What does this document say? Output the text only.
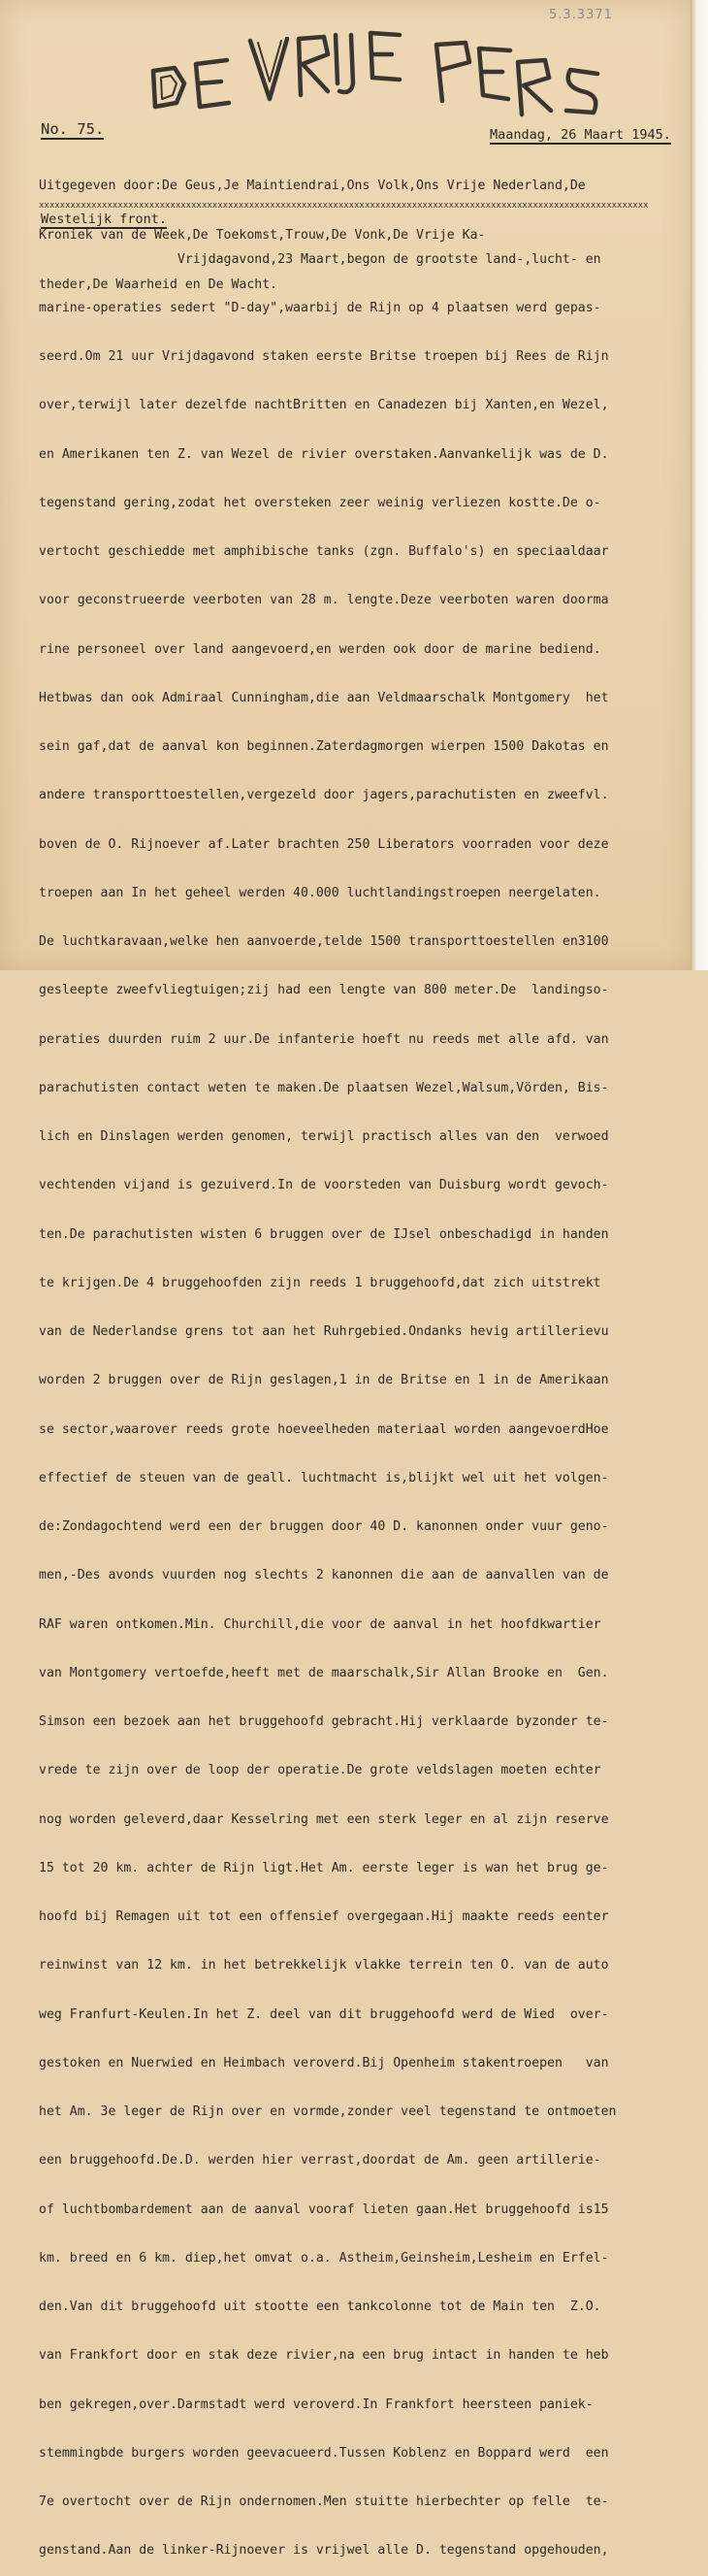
5.3.3371
No. 75.	Maandag, 26 Maart 1945.

Uitgegeven door:De Geus,Je Maintiendrai,Ons Volk,Ons Vrije Nederland,De

Kroniek van de Week,De Toekomst,Trouw,De Vonk,De Vrije Ka-

theder,De Waarheid en De Wacht.

xxxxxxxxxxxxxxxxxxxxxxxxxxxxxxxxxxxxxxxxxxxxxxxxxxxxxxxxxxxxxxxxxxxxxxxxxxxxxxxxxxxxxxxxxxxxxxxxxxxxxxxxxxxxxxxxxxxx
Westelijk front.

Vrijdagavond,23 Maart,begon de grootste land-,lucht- en

marine-operaties sedert "D-day",waarbij de Rijn op 4 plaatsen werd gepas-

seerd.Om 21 uur Vrijdagavond staken eerste Britse troepen bij Rees de Rijn

over,terwijl later dezelfde nachtBritten en Canadezen bij Xanten,en Wezel,

en Amerikanen ten Z. van Wezel de rivier overstaken.Aanvankelijk was de D.

tegenstand gering,zodat het oversteken zeer weinig verliezen kostte.De o-

vertocht geschiedde met amphibische tanks (zgn. Buffalo's) en speciaaldaar

voor geconstrueerde veerboten van 28 m. lengte.Deze veerboten waren doorma

rine personeel over land aangevoerd,en werden ook door de marine bediend.

Hetbwas dan ook Admiraal Cunningham,die aan Veldmaarschalk Montgomery  het

sein gaf,dat de aanval kon beginnen.Zaterdagmorgen wierpen 1500 Dakotas en

andere transporttoestellen,vergezeld door jagers,parachutisten en zweefvl.

boven de O. Rijnoever af.Later brachten 250 Liberators voorraden voor deze

troepen aan In het geheel werden 40.000 luchtlandingstroepen neergelaten.

De luchtkaravaan,welke hen aanvoerde,telde 1500 transporttoestellen en3100

gesleepte zweefvliegtuigen;zij had een lengte van 800 meter.De  landingso-

peraties duurden ruim 2 uur.De infanterie hoeft nu reeds met alle afd. van

parachutisten contact weten te maken.De plaatsen Wezel,Walsum,Vörden, Bis-

lich en Dinslagen werden genomen, terwijl practisch alles van den  verwoed

vechtenden vijand is gezuiverd.In de voorsteden van Duisburg wordt gevoch-

ten.De parachutisten wisten 6 bruggen over de IJsel onbeschadigd in handen

te krijgen.De 4 bruggehoofden zijn reeds 1 bruggehoofd,dat zich uitstrekt

van de Nederlandse grens tot aan het Ruhrgebied.Ondanks hevig artillerievu

worden 2 bruggen over de Rijn geslagen,1 in de Britse en 1 in de Amerikaan

se sector,waarover reeds grote hoeveelheden materiaal worden aangevoerdHoe

effectief de steuen van de geall. luchtmacht is,blijkt wel uit het volgen-

de:Zondagochtend werd een der bruggen door 40 D. kanonnen onder vuur geno-

men,-Des avonds vuurden nog slechts 2 kanonnen die aan de aanvallen van de

RAF waren ontkomen.Min. Churchill,die voor de aanval in het hoofdkwartier

van Montgomery vertoefde,heeft met de maarschalk,Sir Allan Brooke en  Gen.

Simson een bezoek aan het bruggehoofd gebracht.Hij verklaarde byzonder te-

vrede te zijn over de loop der operatie.De grote veldslagen moeten echter

nog worden geleverd,daar Kesselring met een sterk leger en al zijn reserve

15 tot 20 km. achter de Rijn ligt.Het Am. eerste leger is wan het brug ge-

hoofd bij Remagen uit tot een offensief overgegaan.Hij maakte reeds eenter

reinwinst van 12 km. in het betrekkelijk vlakke terrein ten O. van de auto

weg Franfurt-Keulen.In het Z. deel van dit bruggehoofd werd de Wied  over-

gestoken en Nuerwied en Heimbach veroverd.Bij Openheim stakentroepen   van

het Am. 3e leger de Rijn over en vormde,zonder veel tegenstand te ontmoeten

een bruggehoofd.De.D. werden hier verrast,doordat de Am. geen artillerie-

of luchtbombardement aan de aanval vooraf lieten gaan.Het bruggehoofd is15

km. breed en 6 km. diep,het omvat o.a. Astheim,Geinsheim,Lesheim en Erfel-

den.Van dit bruggehoofd uit stootte een tankcolonne tot de Main ten  Z.O.

van Frankfort door en stak deze rivier,na een brug intact in handen te heb

ben gekregen,over.Darmstadt werd veroverd.In Frankfort heersteen paniek-

stemmingbde burgers worden geevacueerd.Tussen Koblenz en Boppard werd  een

7e overtocht over de Rijn ondernomen.Men stuitte hierbechter op felle  te-

genstand.Aan de linker-Rijnoever is vrijwel alle D. tegenstand opgehouden,
